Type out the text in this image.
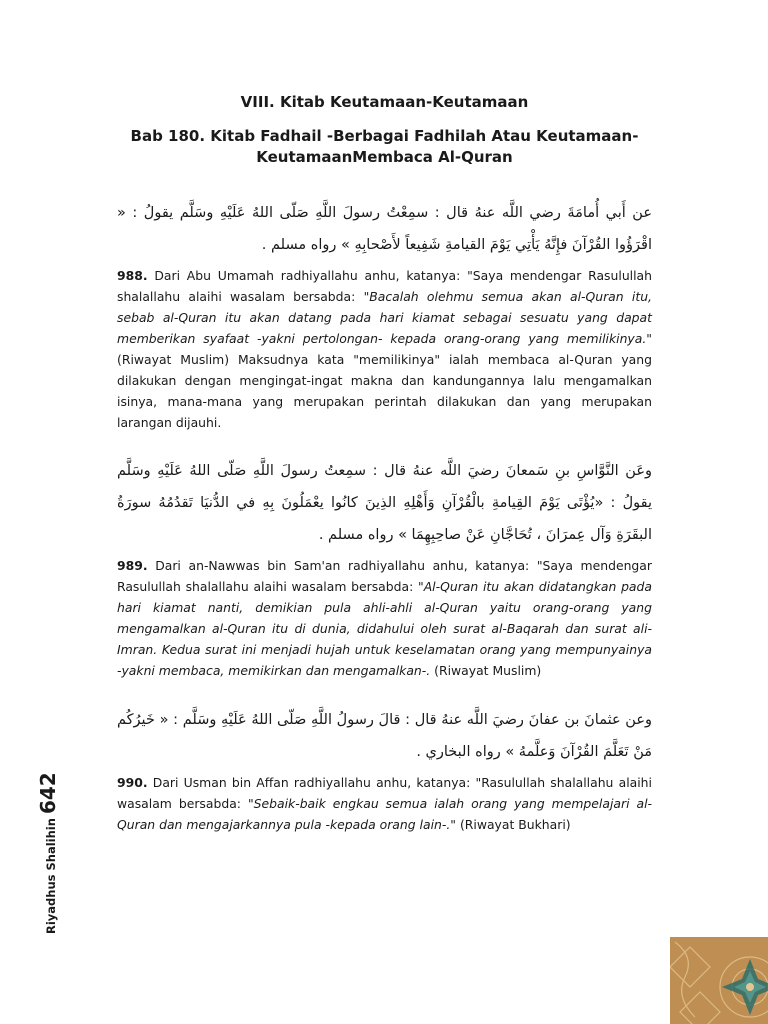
VIII. Kitab Keutamaan-Keutamaan
Bab 180. Kitab Fadhail -Berbagai Fadhilah Atau Keutamaan-KeutamaanMembaca Al-Quran
عن أَبي أُمامَةَ رضي اللَّه عنهُ قال : سمِعْتُ رسولَ اللَّهِ صَلّى اللهُ عَلَيْهِ وسَلَّم يقولُ : « اقْرَؤُوا القُرْآنَ فإِنَّهُ يَأْتِي يَوْمَ القيامةِ شَفِيعاً لأَصْحابِهِ » رواه مسلم .
988. Dari Abu Umamah radhiyallahu anhu, katanya: "Saya mendengar Rasulullah shalallahu alaihi wasalam bersabda: "Bacalah olehmu semua akan al-Quran itu, sebab al-Quran itu akan datang pada hari kiamat sebagai sesuatu yang dapat memberikan syafaat -yakni pertolongan- kepada orang-orang yang memilikinya." (Riwayat Muslim) Maksudnya kata "memilikinya" ialah membaca al-Quran yang dilakukan dengan mengingat-ingat makna dan kandungannya lalu mengamalkan isinya, mana-mana yang merupakan perintah dilakukan dan yang merupakan larangan dijauhi.
وعَن النَّوَّاسِ بنِ سَمعانَ رضيَ اللَّه عنهُ قال : سمِعتُ رسولَ اللَّهِ صَلّى اللهُ عَلَيْهِ وسَلَّم يقولُ : «يُؤْتَى يَوْمَ القِيامةِ بالْقُرْآنِ وَأَهْلِهِ الذِينَ كانُوا يعْمَلُونَ بِهِ في الدُّنيَا تَقدُمُهُ سورَةُ البقَرَةِ وَآل عِمرَانَ ، تُحَاجَّانِ عَنْ صاحِبِهِمَا » رواه مسلم .
989. Dari an-Nawwas bin Sam'an radhiyallahu anhu, katanya: "Saya mendengar Rasulullah shalallahu alaihi wasalam bersabda: "Al-Quran itu akan didatangkan pada hari kiamat nanti, demikian pula ahli-ahli al-Quran yaitu orang-orang yang mengamalkan al-Quran itu di dunia, didahului oleh surat al-Baqarah dan surat ali-Imran. Kedua surat ini menjadi hujah untuk keselamatan orang yang mempunyainya -yakni membaca, memikirkan dan mengamalkan-. (Riwayat Muslim)
وعن عثمانَ بن عفانَ رضيَ اللَّه عنهُ قال : قالَ رسولُ اللَّهِ صَلّى اللهُ عَلَيْهِ وسَلَّم : « خَيرُكُم مَنْ تَعَلَّمَ القُرْآنَ وَعلَّمهُ » رواه البخاري .
990. Dari Usman bin Affan radhiyallahu anhu, katanya: "Rasulullah shalallahu alaihi wasalam bersabda: "Sebaik-baik engkau semua ialah orang yang mempelajari al-Quran dan mengajarkannya pula -kepada orang lain-." (Riwayat Bukhari)
Riyadhus Shalihin642
